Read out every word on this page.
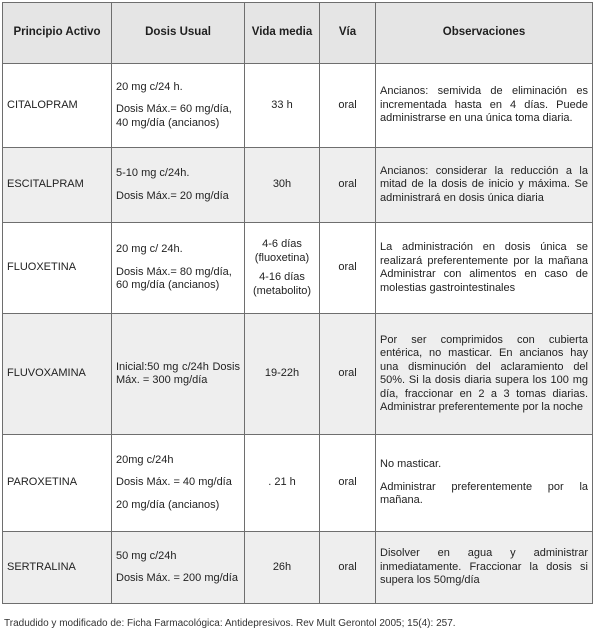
Principio Activo	Dosis Usual	Vida media	Vía	Observaciones
CITALOPRAM	20 mg c/24 h.
Dosis Máx.= 60 mg/día,
40 mg/día (ancianos)	33 h	oral	Ancianos: semivida de eliminación es incrementada hasta en 4 días. Puede administrarse en una única toma diaria.
ESCITALPRAM	5-10 mg c/24h.
Dosis Máx.= 20 mg/día	30h	oral	Ancianos: considerar la reducción a la mitad de la dosis de inicio y máxima. Se administrará en dosis única diaria
FLUOXETINA	20 mg c/ 24h.
Dosis Máx.= 80 mg/día,
60 mg/día (ancianos)	4-6 días
(fluoxetina)
4-16 días
(metabolito)	oral	La administración en dosis única se realizará preferentemente por la mañana Administrar con alimentos en caso de molestias gastrointestinales
FLUVOXAMINA	Inicial:50 mg c/24h Dosis Máx. = 300 mg/día	19-22h	oral	Por ser comprimidos con cubierta entérica, no masticar. En ancianos hay una disminución del aclaramiento del 50%. Si la dosis diaria supera los 100 mg día, fraccionar en 2 a 3 tomas diarias. Administrar preferentemente por la noche
PAROXETINA	20mg c/24h
Dosis Máx. = 40 mg/día
20 mg/día (ancianos)	. 21 h	oral	No masticar.
Administrar preferentemente por la mañana.

SERTRALINA	50 mg c/24h
Dosis Máx. = 200 mg/día	26h	oral	Disolver en agua y administrar inmediatamente. Fraccionar la dosis si supera los 50mg/día
Tradudido y modificado de: Ficha Farmacológica: Antidepresivos. Rev Mult Gerontol 2005; 15(4): 257.
